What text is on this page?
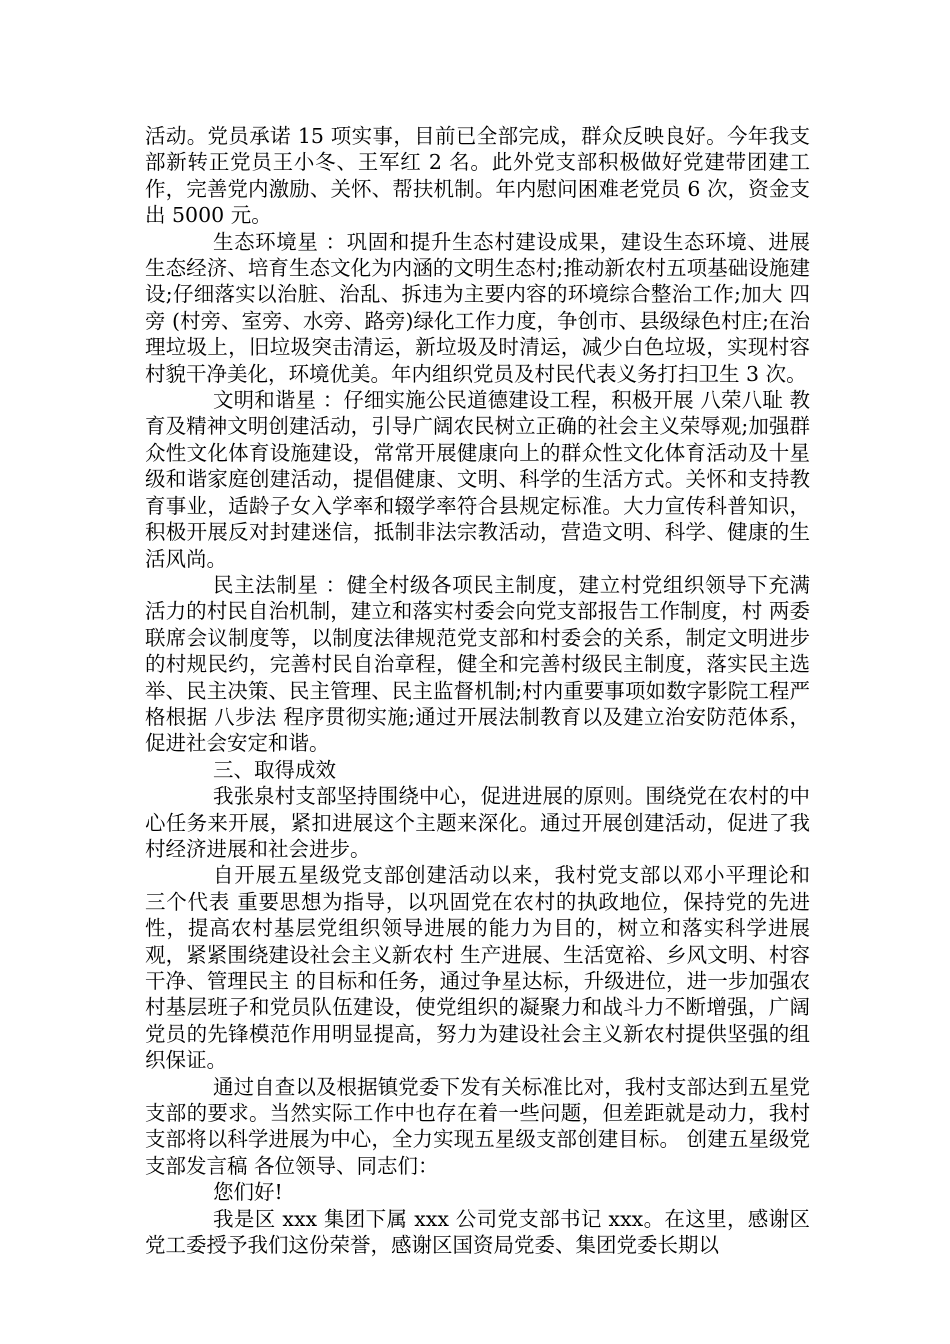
活动。党员承诺 15 项实事，目前已全部完成，群众反映良好。今年我支部新转正党员王小冬、王军红 2 名。此外党支部积极做好党建带团建工作，完善党内激励、关怀、帮扶机制。年内慰问困难老党员 6 次，资金支出 5000 元。

生态环境星 ：巩固和提升生态村建设成果，建设生态环境、进展生态经济、培育生态文化为内涵的文明生态村;推动新农村五项基础设施建设;仔细落实以治脏、治乱、拆违为主要内容的环境综合整治工作;加大 四旁 (村旁、室旁、水旁、路旁)绿化工作力度，争创市、县级绿色村庄;在治理垃圾上，旧垃圾突击清运，新垃圾及时清运，减少白色垃圾，实现村容村貌干净美化，环境优美。年内组织党员及村民代表义务打扫卫生 3 次。

文明和谐星 ：仔细实施公民道德建设工程，积极开展 八荣八耻 教育及精神文明创建活动，引导广阔农民树立正确的社会主义荣辱观;加强群众性文化体育设施建设，常常开展健康向上的群众性文化体育活动及十星级和谐家庭创建活动，提倡健康、文明、科学的生活方式。关怀和支持教育事业，适龄子女入学率和辍学率符合县规定标准。大力宣传科普知识，积极开展反对封建迷信，抵制非法宗教活动，营造文明、科学、健康的生活风尚。

民主法制星 ：健全村级各项民主制度，建立村党组织领导下充满活力的村民自治机制，建立和落实村委会向党支部报告工作制度，村 两委 联席会议制度等，以制度法律规范党支部和村委会的关系，制定文明进步的村规民约，完善村民自治章程，健全和完善村级民主制度，落实民主选举、民主决策、民主管理、民主监督机制;村内重要事项如数字影院工程严格根据 八步法 程序贯彻实施;通过开展法制教育以及建立治安防范体系，促进社会安定和谐。

三、取得成效

我张泉村支部坚持围绕中心，促进进展的原则。围绕党在农村的中心任务来开展，紧扣进展这个主题来深化。通过开展创建活动，促进了我村经济进展和社会进步。

自开展五星级党支部创建活动以来，我村党支部以邓小平理论和 三个代表 重要思想为指导，以巩固党在农村的执政地位，保持党的先进性，提高农村基层党组织领导进展的能力为目的，树立和落实科学进展观，紧紧围绕建设社会主义新农村 生产进展、生活宽裕、乡风文明、村容干净、管理民主 的目标和任务，通过争星达标，升级进位，进一步加强农村基层班子和党员队伍建设，使党组织的凝聚力和战斗力不断增强，广阔党员的先锋模范作用明显提高，努力为建设社会主义新农村提供坚强的组织保证。

通过自查以及根据镇党委下发有关标准比对，我村支部达到五星党支部的要求。当然实际工作中也存在着一些问题，但差距就是动力，我村支部将以科学进展为中心，全力实现五星级支部创建目标。 创建五星级党支部发言稿 各位领导、同志们：

您们好!

我是区 xxx 集团下属 xxx 公司党支部书记 xxx。在这里，感谢区党工委授予我们这份荣誉，感谢区国资局党委、集团党委长期以
